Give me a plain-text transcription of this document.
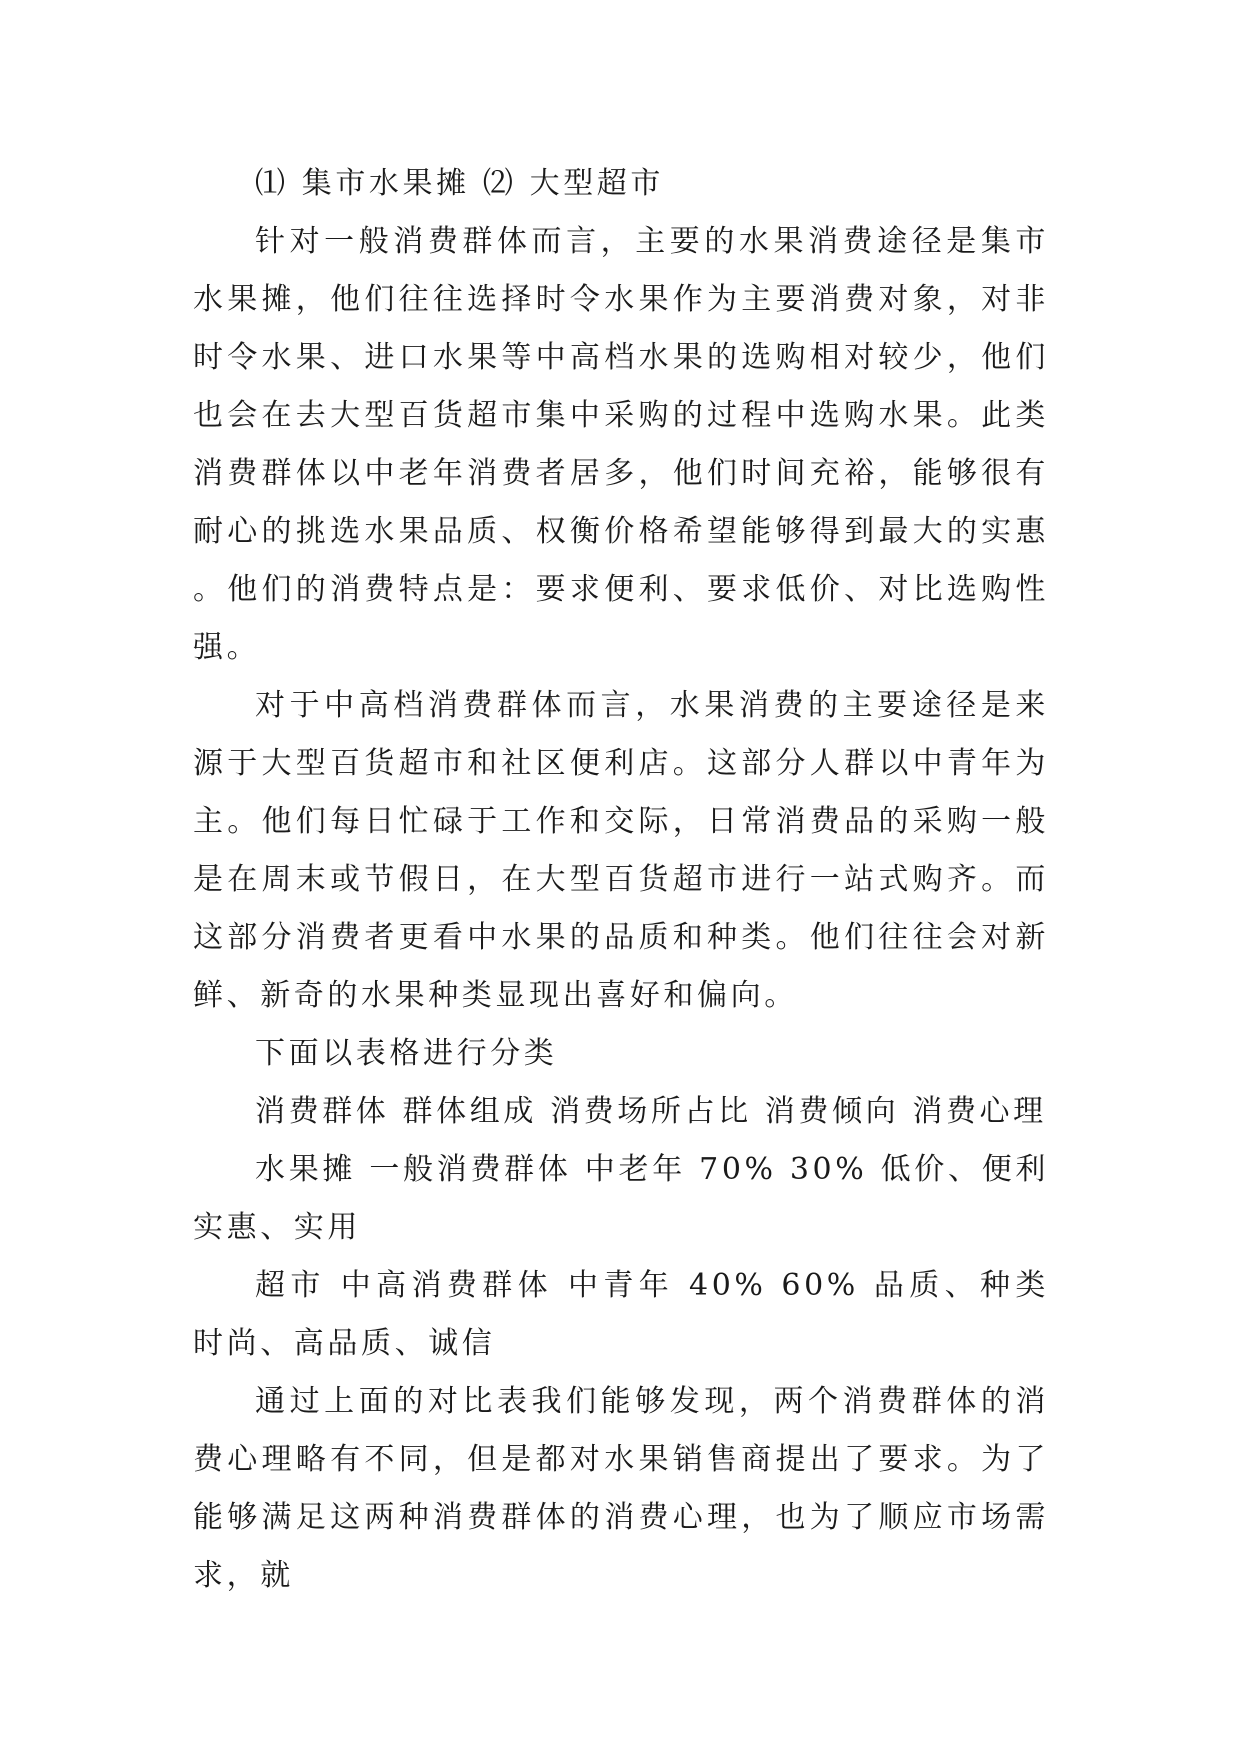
⑴ 集市水果摊 ⑵ 大型超市

针对一般消费群体而言，主要的水果消费途径是集市水果摊，他们往往选择时令水果作为主要消费对象，对非时令水果、进口水果等中高档水果的选购相对较少，他们也会在去大型百货超市集中采购的过程中选购水果。此类消费群体以中老年消费者居多，他们时间充裕，能够很有耐心的挑选水果品质、权衡价格希望能够得到最大的实惠。他们的消费特点是：要求便利、要求低价、对比选购性强。

对于中高档消费群体而言，水果消费的主要途径是来源于大型百货超市和社区便利店。这部分人群以中青年为主。他们每日忙碌于工作和交际，日常消费品的采购一般是在周末或节假日，在大型百货超市进行一站式购齐。而这部分消费者更看中水果的品质和种类。他们往往会对新鲜、新奇的水果种类显现出喜好和偏向。

下面以表格进行分类

消费群体 群体组成 消费场所占比 消费倾向 消费心理

水果摊 一般消费群体 中老年 70% 30% 低价、便利 实惠、实用

超市 中高消费群体 中青年 40% 60% 品质、种类 时尚、高品质、诚信

通过上面的对比表我们能够发现，两个消费群体的消费心理略有不同，但是都对水果销售商提出了要求。为了能够满足这两种消费群体的消费心理，也为了顺应市场需求，就
